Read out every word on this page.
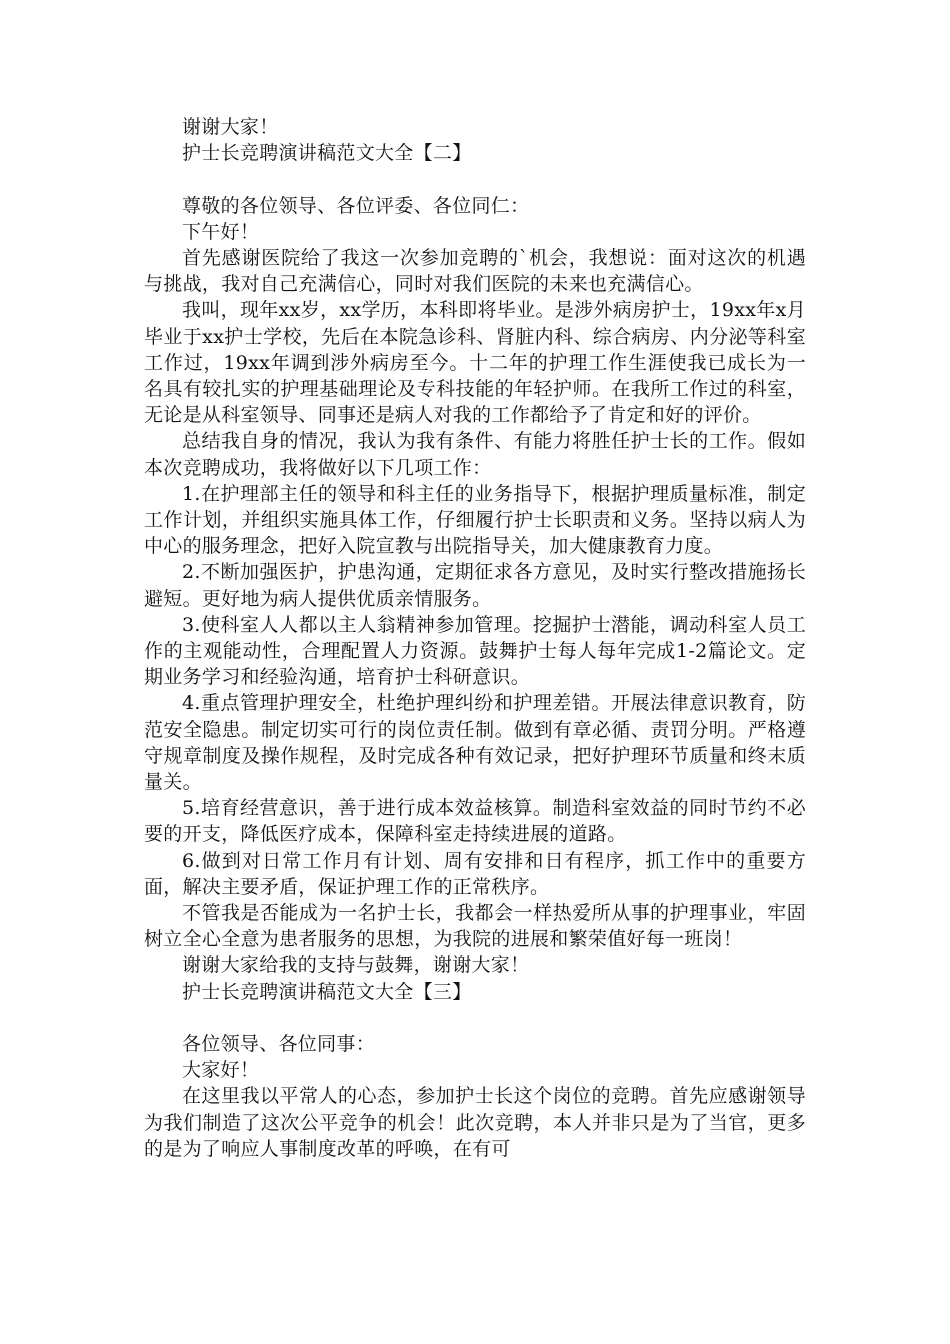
谢谢大家！

护士长竞聘演讲稿范文大全【二】

尊敬的各位领导、各位评委、各位同仁：

下午好！

首先感谢医院给了我这一次参加竞聘的`机会，我想说：面对这次的机遇与挑战，我对自己充满信心，同时对我们医院的未来也充满信心。

我叫，现年xx岁，xx学历，本科即将毕业。是涉外病房护士，19xx年x月毕业于xx护士学校，先后在本院急诊科、肾脏内科、综合病房、内分泌等科室工作过，19xx年调到涉外病房至今。十二年的护理工作生涯使我已成长为一名具有较扎实的护理基础理论及专科技能的年轻护师。在我所工作过的科室，无论是从科室领导、同事还是病人对我的工作都给予了肯定和好的评价。

总结我自身的情况，我认为我有条件、有能力将胜任护士长的工作。假如本次竞聘成功，我将做好以下几项工作：

1.在护理部主任的领导和科主任的业务指导下，根据护理质量标准，制定工作计划，并组织实施具体工作，仔细履行护士长职责和义务。坚持以病人为中心的服务理念，把好入院宣教与出院指导关，加大健康教育力度。

2.不断加强医护，护患沟通，定期征求各方意见，及时实行整改措施扬长避短。更好地为病人提供优质亲情服务。

3.使科室人人都以主人翁精神参加管理。挖掘护士潜能，调动科室人员工作的主观能动性，合理配置人力资源。鼓舞护士每人每年完成1-2篇论文。定期业务学习和经验沟通，培育护士科研意识。

4.重点管理护理安全，杜绝护理纠纷和护理差错。开展法律意识教育，防范安全隐患。制定切实可行的岗位责任制。做到有章必循、责罚分明。严格遵守规章制度及操作规程，及时完成各种有效记录，把好护理环节质量和终末质量关。

5.培育经营意识，善于进行成本效益核算。制造科室效益的同时节约不必要的开支，降低医疗成本，保障科室走持续进展的道路。

6.做到对日常工作月有计划、周有安排和日有程序，抓工作中的重要方面，解决主要矛盾，保证护理工作的正常秩序。

不管我是否能成为一名护士长，我都会一样热爱所从事的护理事业，牢固树立全心全意为患者服务的思想，为我院的进展和繁荣值好每一班岗！

谢谢大家给我的支持与鼓舞，谢谢大家！

护士长竞聘演讲稿范文大全【三】

各位领导、各位同事：

大家好！

在这里我以平常人的心态，参加护士长这个岗位的竞聘。首先应感谢领导为我们制造了这次公平竞争的机会！此次竞聘，本人并非只是为了当官，更多的是为了响应人事制度改革的呼唤，在有可
